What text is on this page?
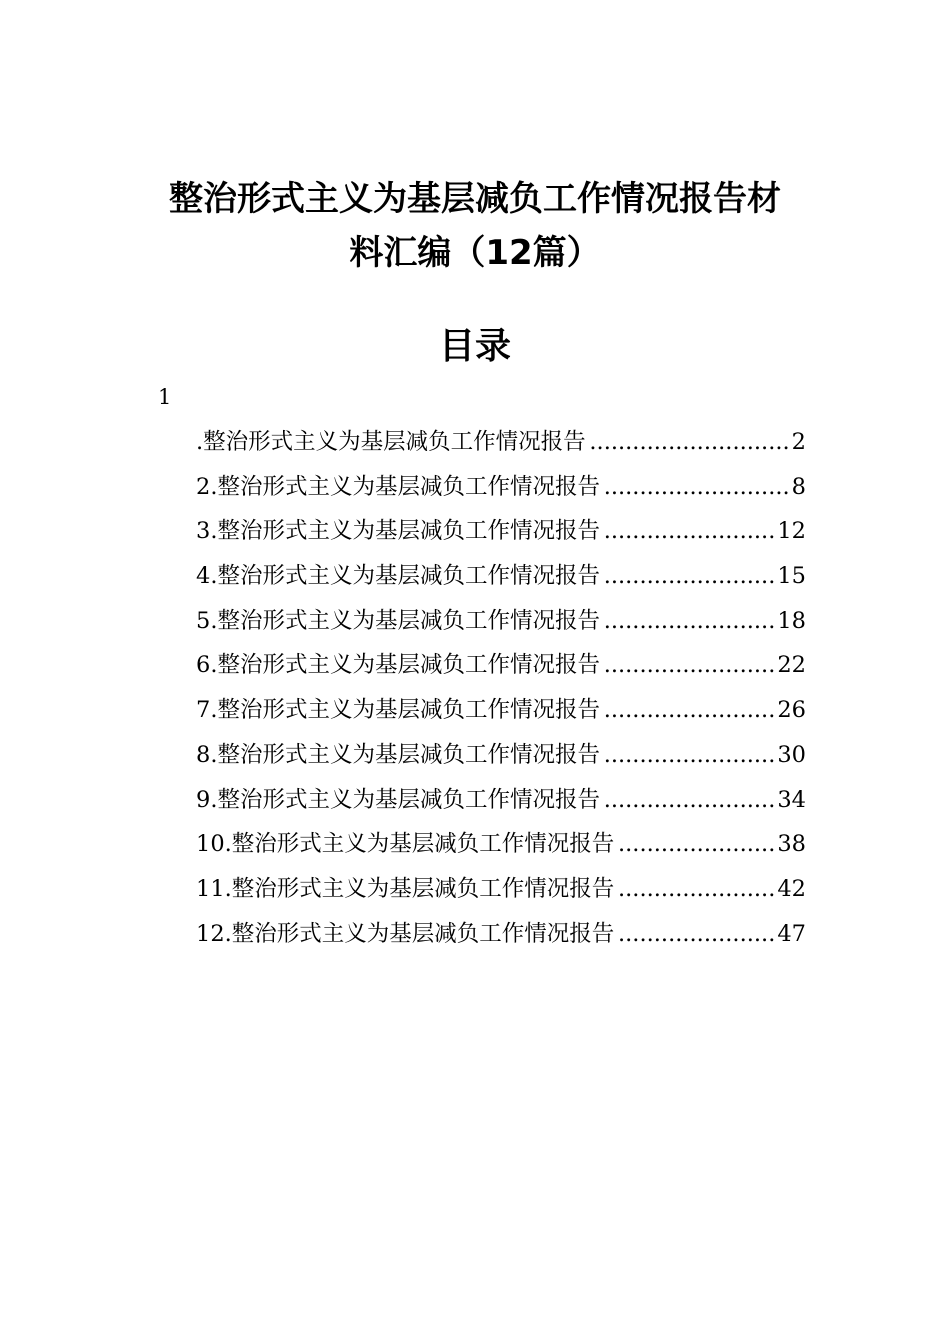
整治形式主义为基层减负工作情况报告材
料汇编（12篇）
目录
1
. 整治形式主义为基层减负工作情况报告 .....	2
2. 整治形式主义为基层减负工作情况报告 .....	8
3. 整治形式主义为基层减负工作情况报告 .....	12
4. 整治形式主义为基层减负工作情况报告 .....	15
5. 整治形式主义为基层减负工作情况报告 .....	18
6. 整治形式主义为基层减负工作情况报告 .....	22
7. 整治形式主义为基层减负工作情况报告 .....	26
8. 整治形式主义为基层减负工作情况报告 .....	30
9. 整治形式主义为基层减负工作情况报告 .....	34
10. 整治形式主义为基层减负工作情况报告 .....	38
11. 整治形式主义为基层减负工作情况报告 .....	42
12. 整治形式主义为基层减负工作情况报告 .....	47
